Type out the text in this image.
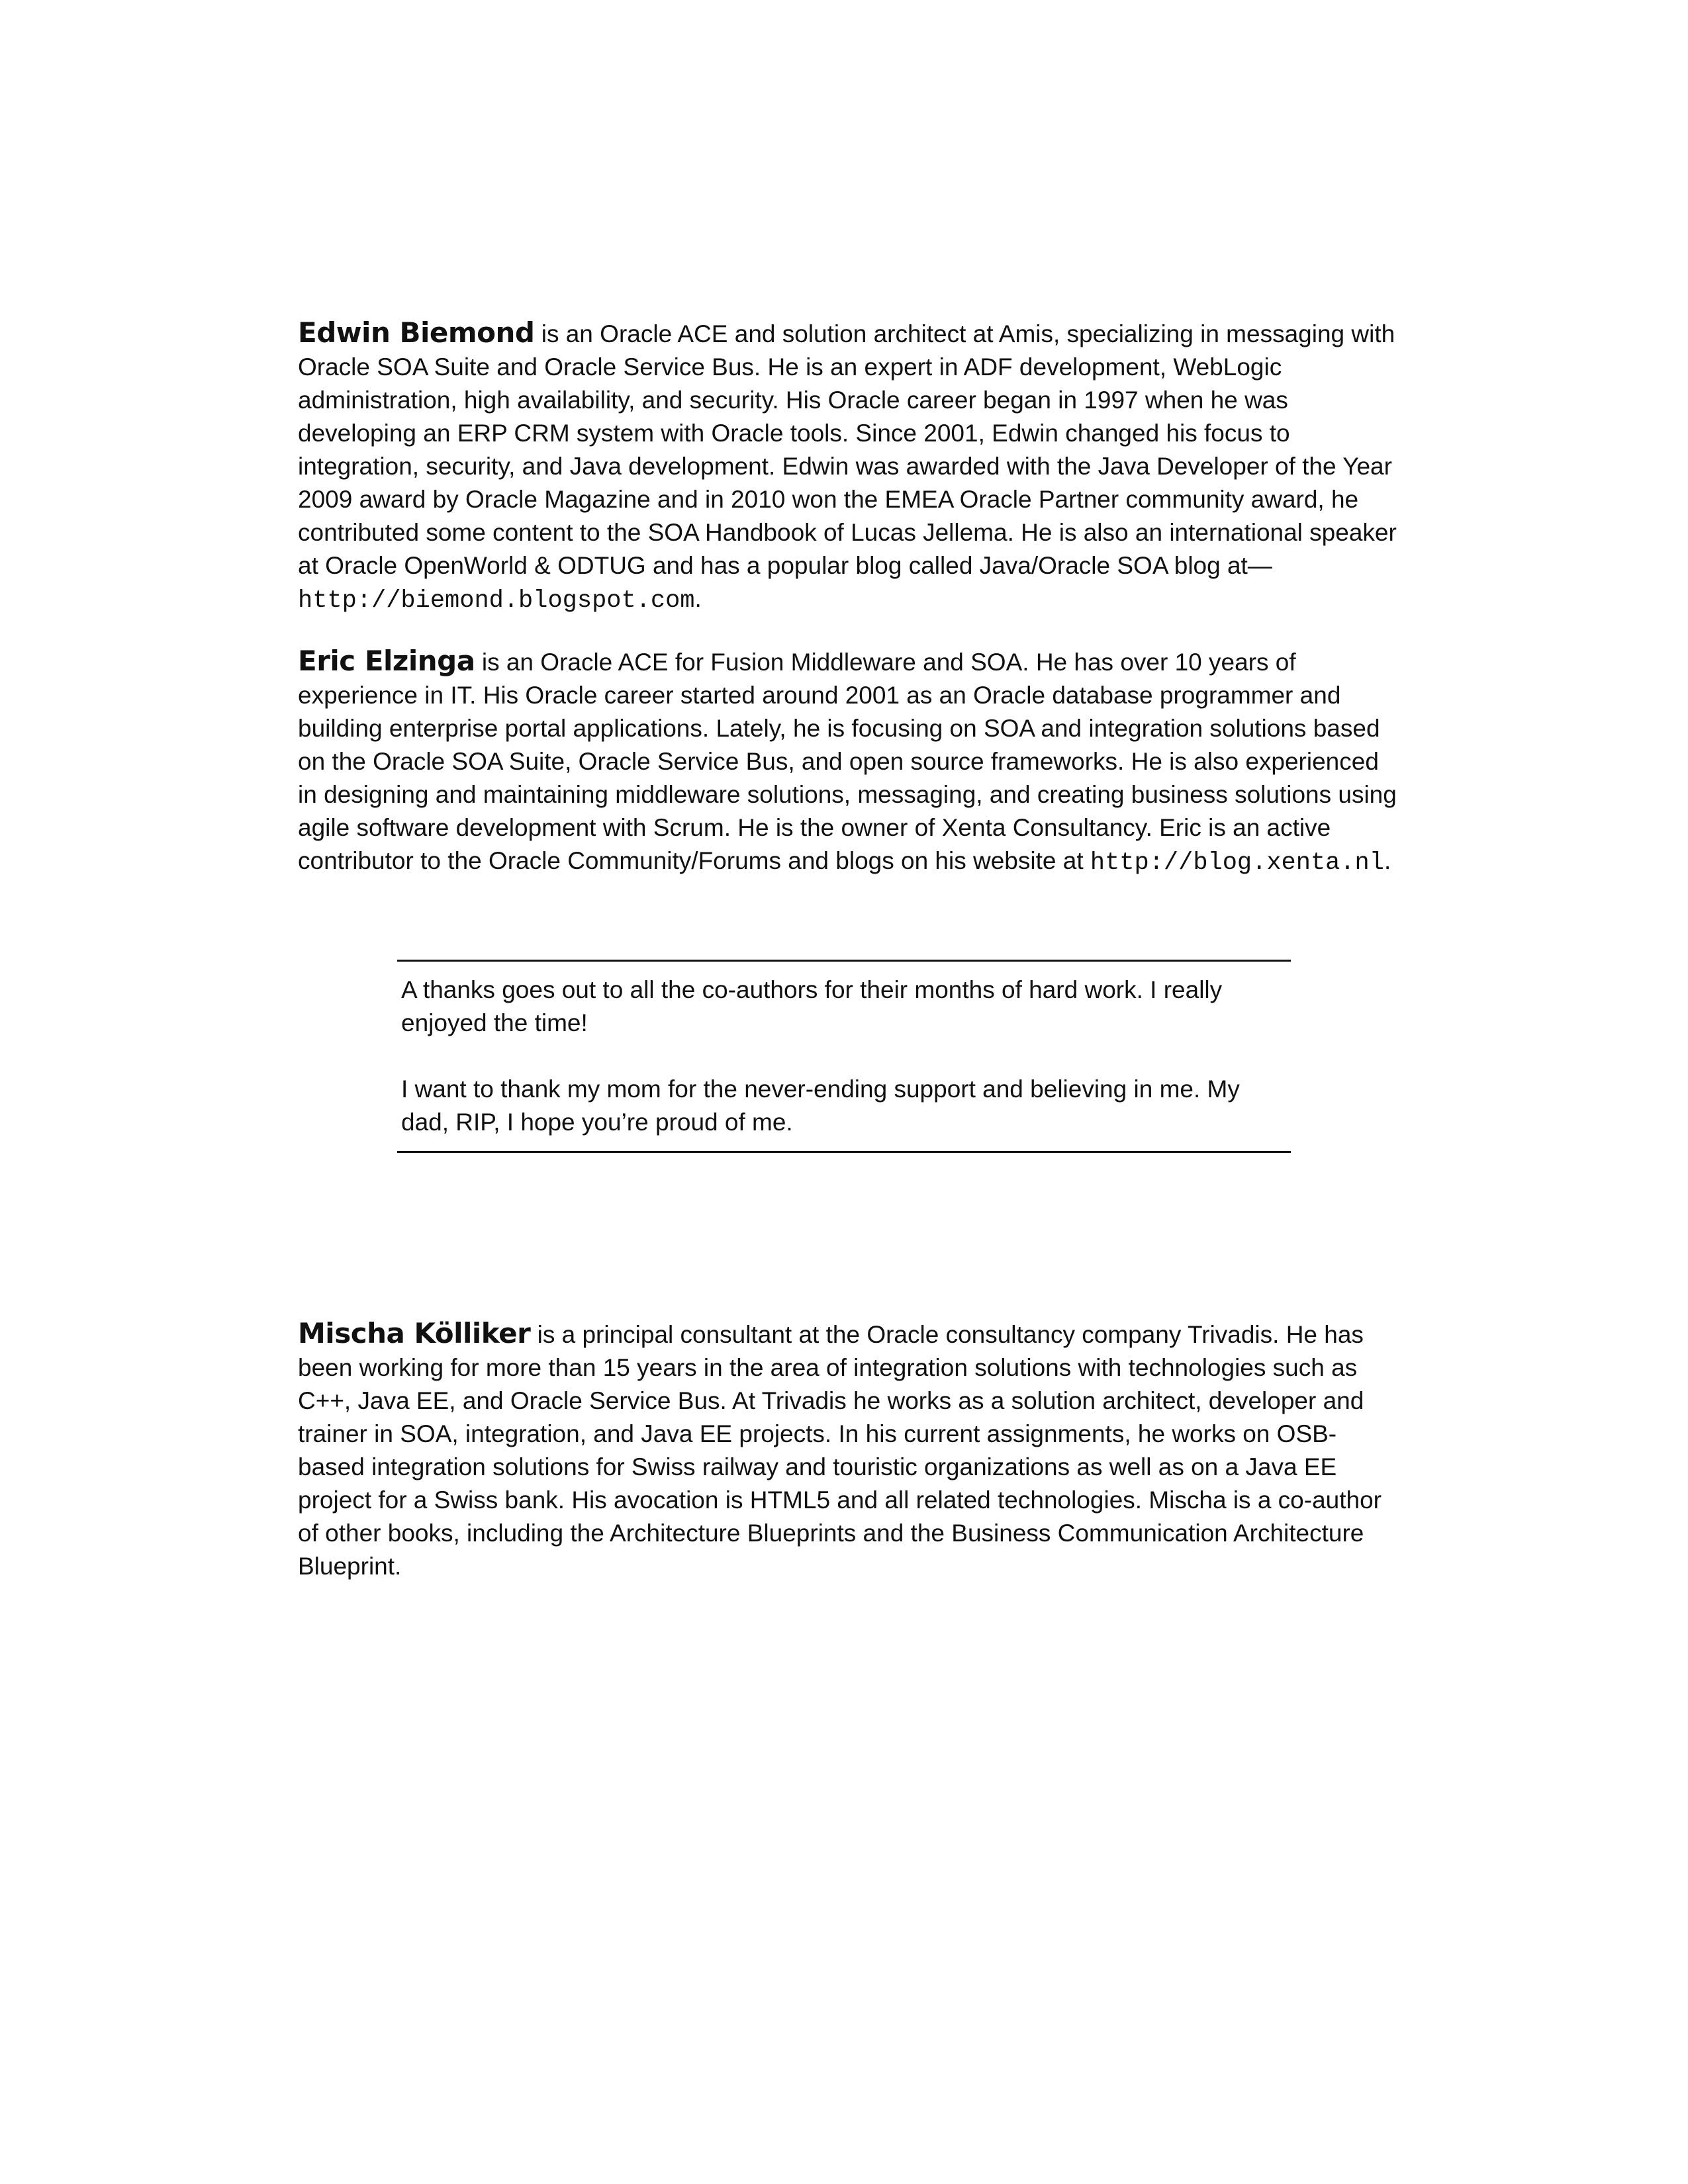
Edwin Biemond is an Oracle ACE and solution architect at Amis, specializing in messaging with Oracle SOA Suite and Oracle Service Bus. He is an expert in ADF development, WebLogic administration, high availability, and security. His Oracle career began in 1997 when he was developing an ERP CRM system with Oracle tools. Since 2001, Edwin changed his focus to integration, security, and Java development. Edwin was awarded with the Java Developer of the Year 2009 award by Oracle Magazine and in 2010 won the EMEA Oracle Partner community award, he contributed some content to the SOA Handbook of Lucas Jellema. He is also an international speaker at Oracle OpenWorld & ODTUG and has a popular blog called Java/Oracle SOA blog at—http://biemond.blogspot.com.

Eric Elzinga is an Oracle ACE for Fusion Middleware and SOA. He has over 10 years of experience in IT. His Oracle career started around 2001 as an Oracle database programmer and building enterprise portal applications. Lately, he is focusing on SOA and integration solutions based on the Oracle SOA Suite, Oracle Service Bus, and open source frameworks. He is also experienced in designing and maintaining middleware solutions, messaging, and creating business solutions using agile software development with Scrum. He is the owner of Xenta Consultancy. Eric is an active contributor to the Oracle Community/Forums and blogs on his website at http://blog.xenta.nl.

A thanks goes out to all the co-authors for their months of hard work. I really enjoyed the time!

I want to thank my mom for the never-ending support and believing in me. My dad, RIP, I hope you’re proud of me.

Mischa Kölliker is a principal consultant at the Oracle consultancy company Trivadis. He has been working for more than 15 years in the area of integration solutions with technologies such as C++, Java EE, and Oracle Service Bus. At Trivadis he works as a solution architect, developer and trainer in SOA, integration, and Java EE projects. In his current assignments, he works on OSB-based integration solutions for Swiss railway and touristic organizations as well as on a Java EE project for a Swiss bank. His avocation is HTML5 and all related technologies. Mischa is a co-author of other books, including the Architecture Blueprints and the Business Communication Architecture Blueprint.
